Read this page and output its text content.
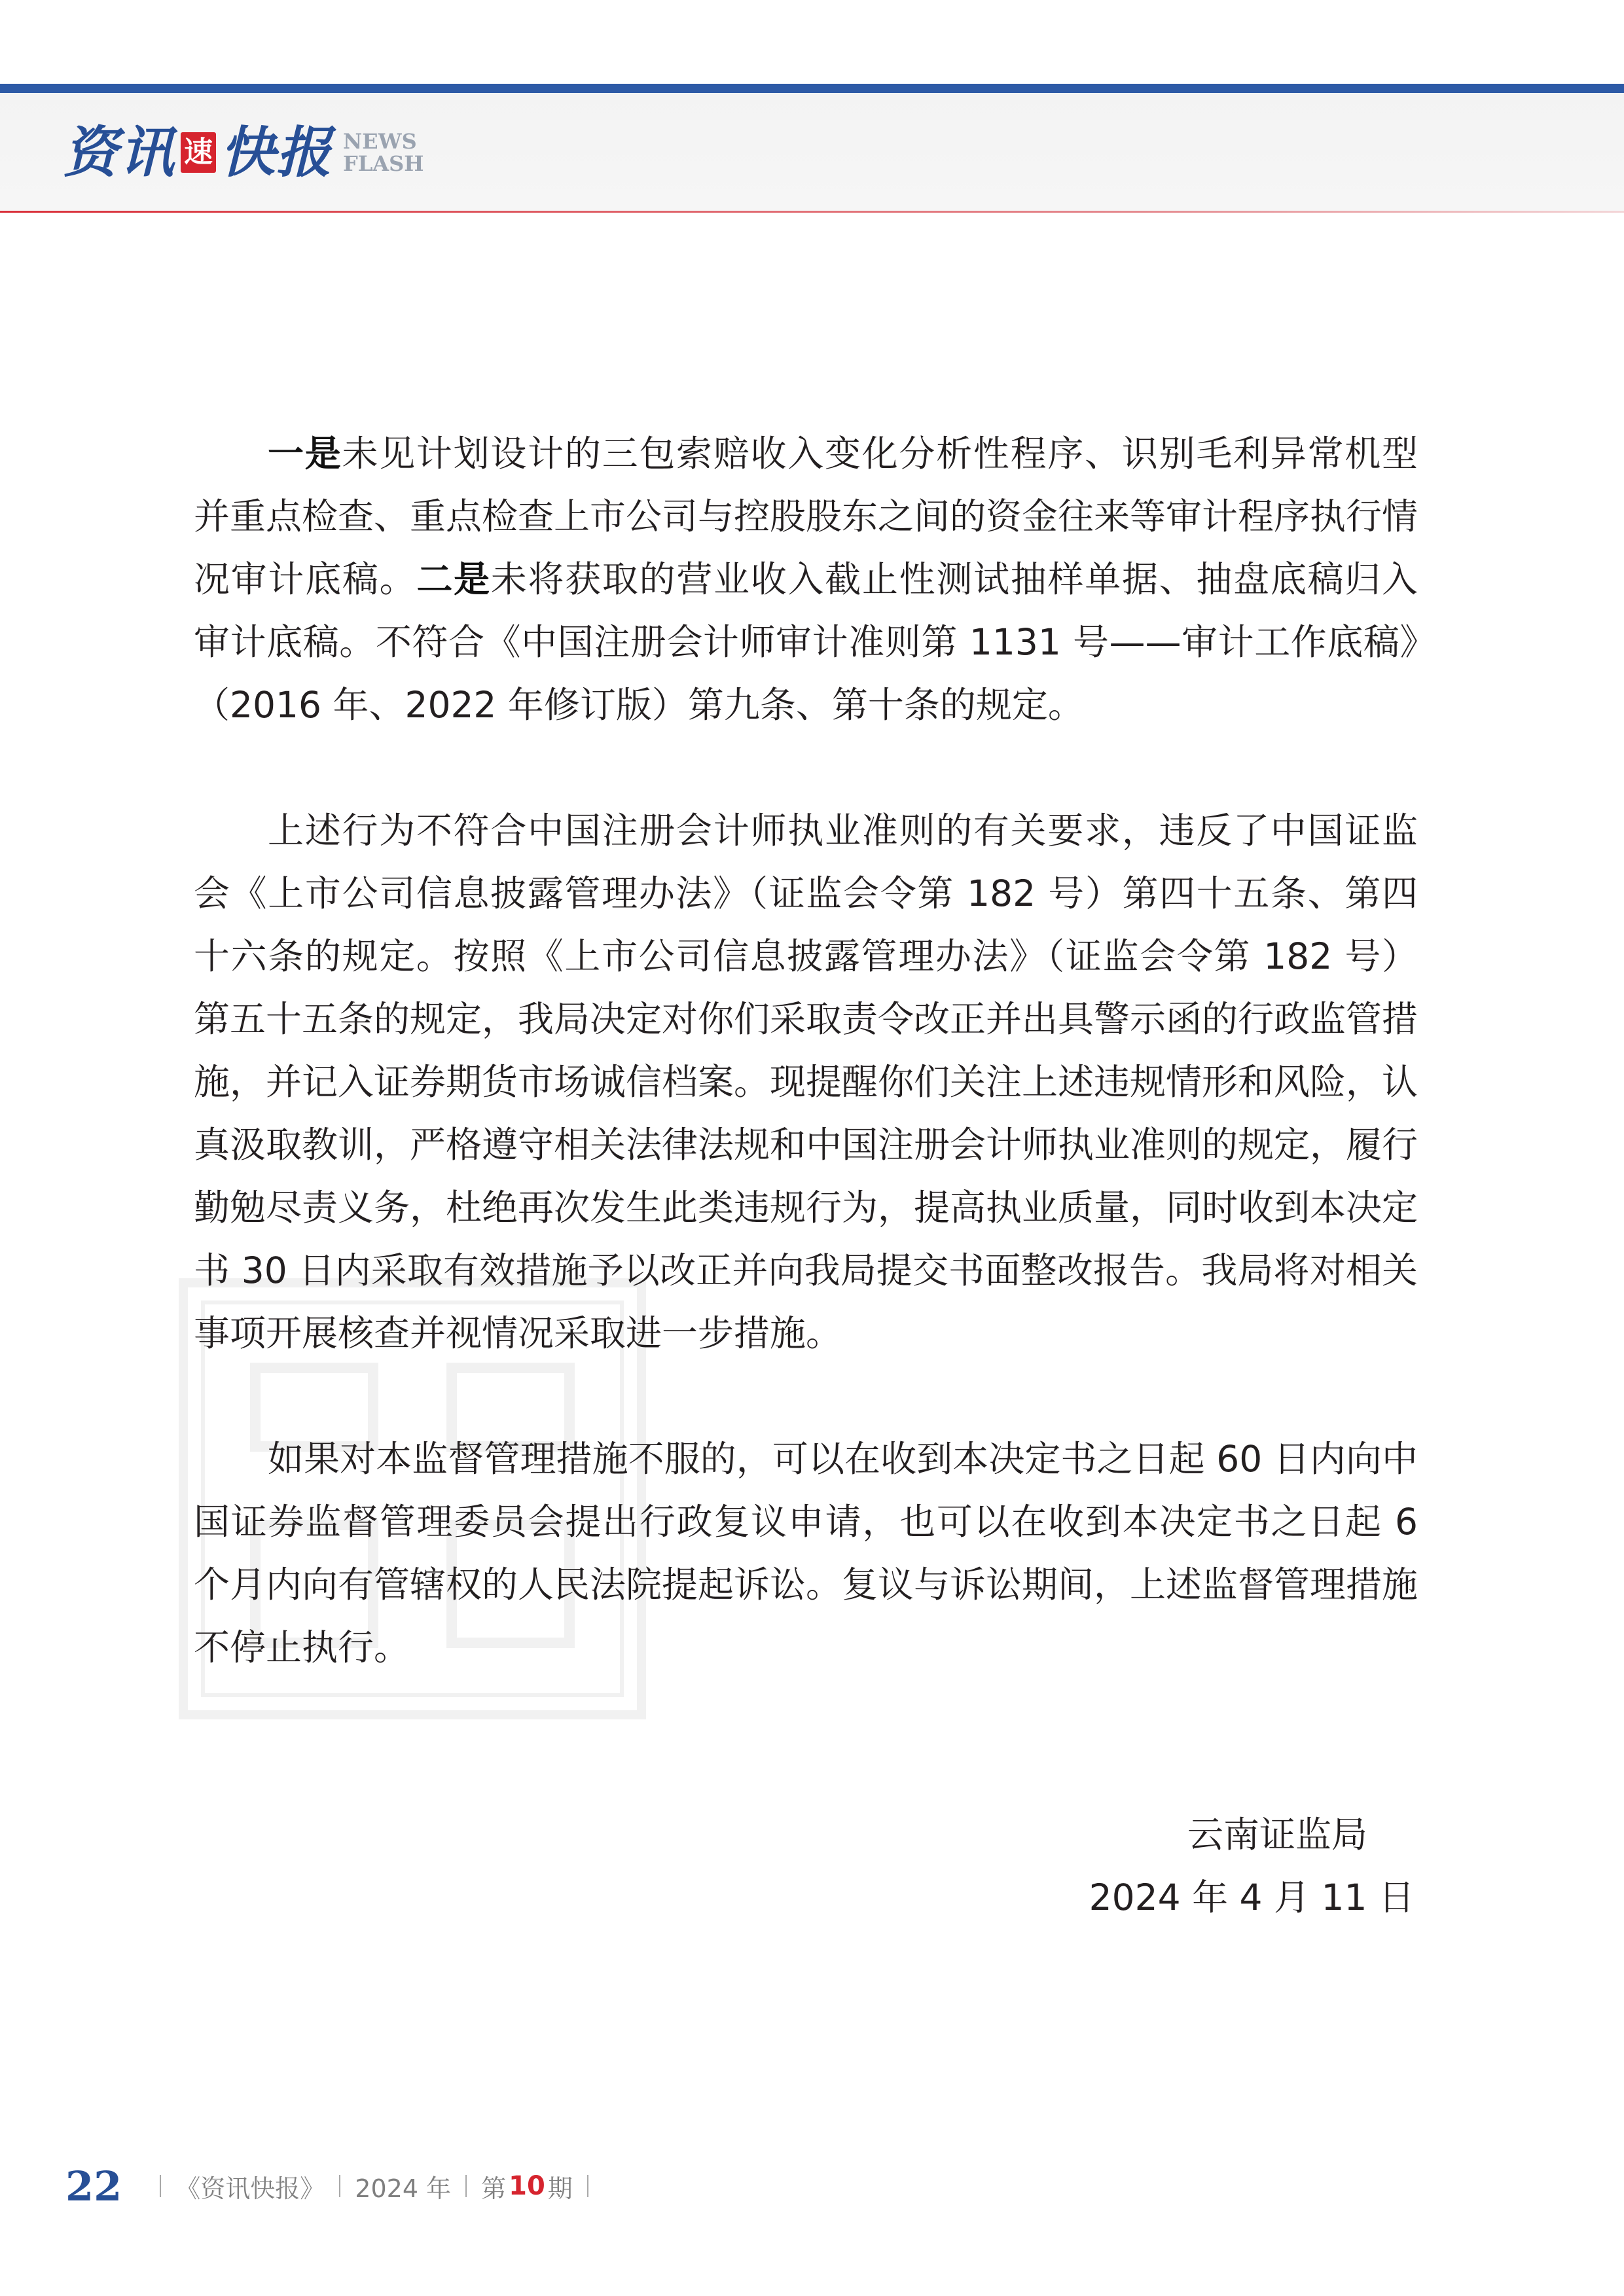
资讯 速 快报 NEWS
FLASH

一是未见计划设计的三包索赔收入变化分析性程序、识别毛利异常机型并重点检查、重点检查上市公司与控股股东之间的资金往来等审计程序执行情况审计底稿。二是未将获取的营业收入截止性测试抽样单据、抽盘底稿归入审计底稿。不符合《中国注册会计师审计准则第 1131 号——审计工作底稿》（2016 年、2022 年修订版）第九条、第十条的规定。

上述行为不符合中国注册会计师执业准则的有关要求，违反了中国证监会《上市公司信息披露管理办法》（证监会令第 182 号）第四十五条、第四十六条的规定。按照《上市公司信息披露管理办法》（证监会令第 182 号）第五十五条的规定，我局决定对你们采取责令改正并出具警示函的行政监管措施，并记入证券期货市场诚信档案。现提醒你们关注上述违规情形和风险，认真汲取教训，严格遵守相关法律法规和中国注册会计师执业准则的规定，履行勤勉尽责义务，杜绝再次发生此类违规行为，提高执业质量，同时收到本决定书 30 日内采取有效措施予以改正并向我局提交书面整改报告。我局将对相关事项开展核查并视情况采取进一步措施。

如果对本监督管理措施不服的，可以在收到本决定书之日起 60 日内向中国证券监督管理委员会提出行政复议申请，也可以在收到本决定书之日起 6 个月内向有管辖权的人民法院提起诉讼。复议与诉讼期间，上述监督管理措施不停止执行。

云南证监局
2024 年 4 月 11 日
22 《资讯快报》 2024 年 第 10 期
